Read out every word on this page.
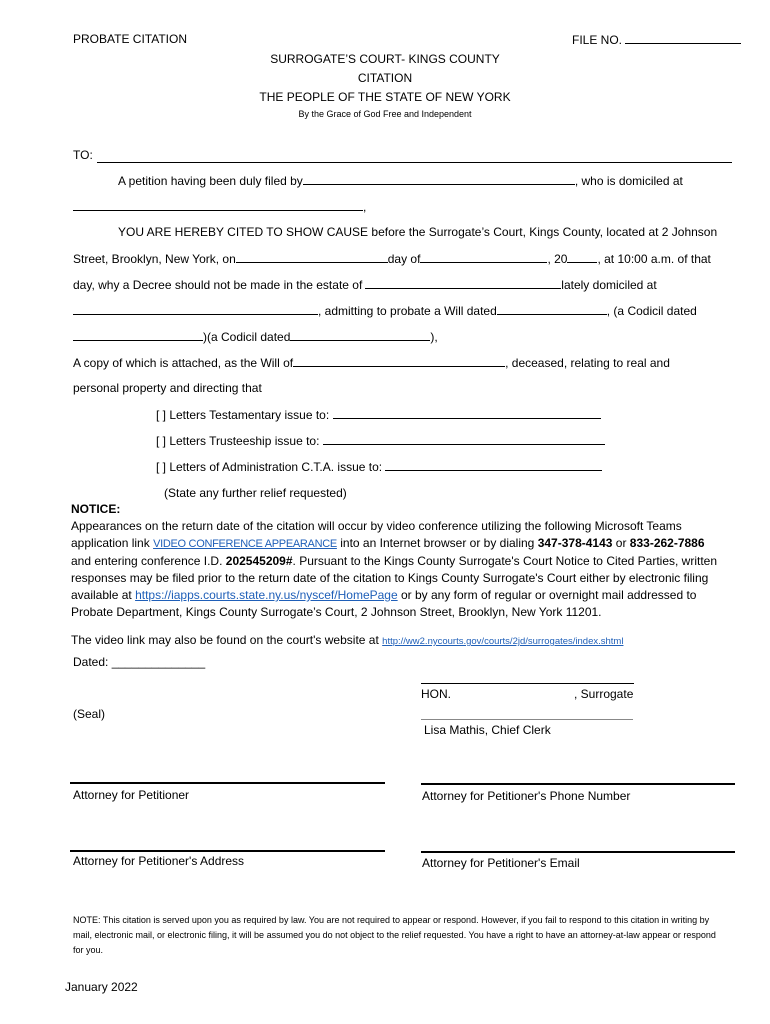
PROBATE CITATION	FILE NO.
SURROGATE’S COURT- KINGS COUNTY
CITATION
THE PEOPLE OF THE STATE OF NEW YORK
By the Grace of God Free and Independent
TO:
A petition having been duly filed by	, who is domiciled at
,
YOU ARE HEREBY CITED TO SHOW CAUSE before the Surrogate’s Court, Kings County, located at 2 Johnson
Street, Brooklyn, New York, on	day of	, 20	, at 10:00 a.m. of that
day, why a Decree should not be made in the estate of	lately domiciled at
, admitting to probate a Will dated	, (a Codicil dated
)(a Codicil dated	),
A copy of which is attached, as the Will of	, deceased, relating to real and
personal property and directing that
[ ] Letters Testamentary issue to:
[ ] Letters Trusteeship issue to:
[ ] Letters of Administration C.T.A. issue to:
(State any further relief requested)
NOTICE:
Appearances on the return date of the citation will occur by video conference utilizing the following Microsoft Teams application link VIDEO CONFERENCE APPEARANCE into an Internet browser or by dialing 347-378-4143 or 833-262-7886 and entering conference I.D. 202545209#. Pursuant to the Kings County Surrogate's Court Notice to Cited Parties, written responses may be filed prior to the return date of the citation to Kings County Surrogate's Court either by electronic filing available at https://iapps.courts.state.ny.us/nyscef/HomePage or by any form of regular or overnight mail addressed to Probate Department, Kings County Surrogate’s Court, 2 Johnson Street, Brooklyn, New York 11201.
The video link may also be found on the court's website at http://ww2.nycourts.gov/courts/2jd/surrogates/index.shtml
Dated: ______________
HON.	, Surrogate
(Seal)
Lisa Mathis, Chief Clerk
Attorney for Petitioner	Attorney for Petitioner's Phone Number
Attorney for Petitioner's Address	Attorney for Petitioner's Email
NOTE: This citation is served upon you as required by law. You are not required to appear or respond. However, if you fail to respond to this citation in writing by mail, electronic mail, or electronic filing, it will be assumed you do not object to the relief requested. You have a right to have an attorney-at-law appear or respond for you.
January 2022
